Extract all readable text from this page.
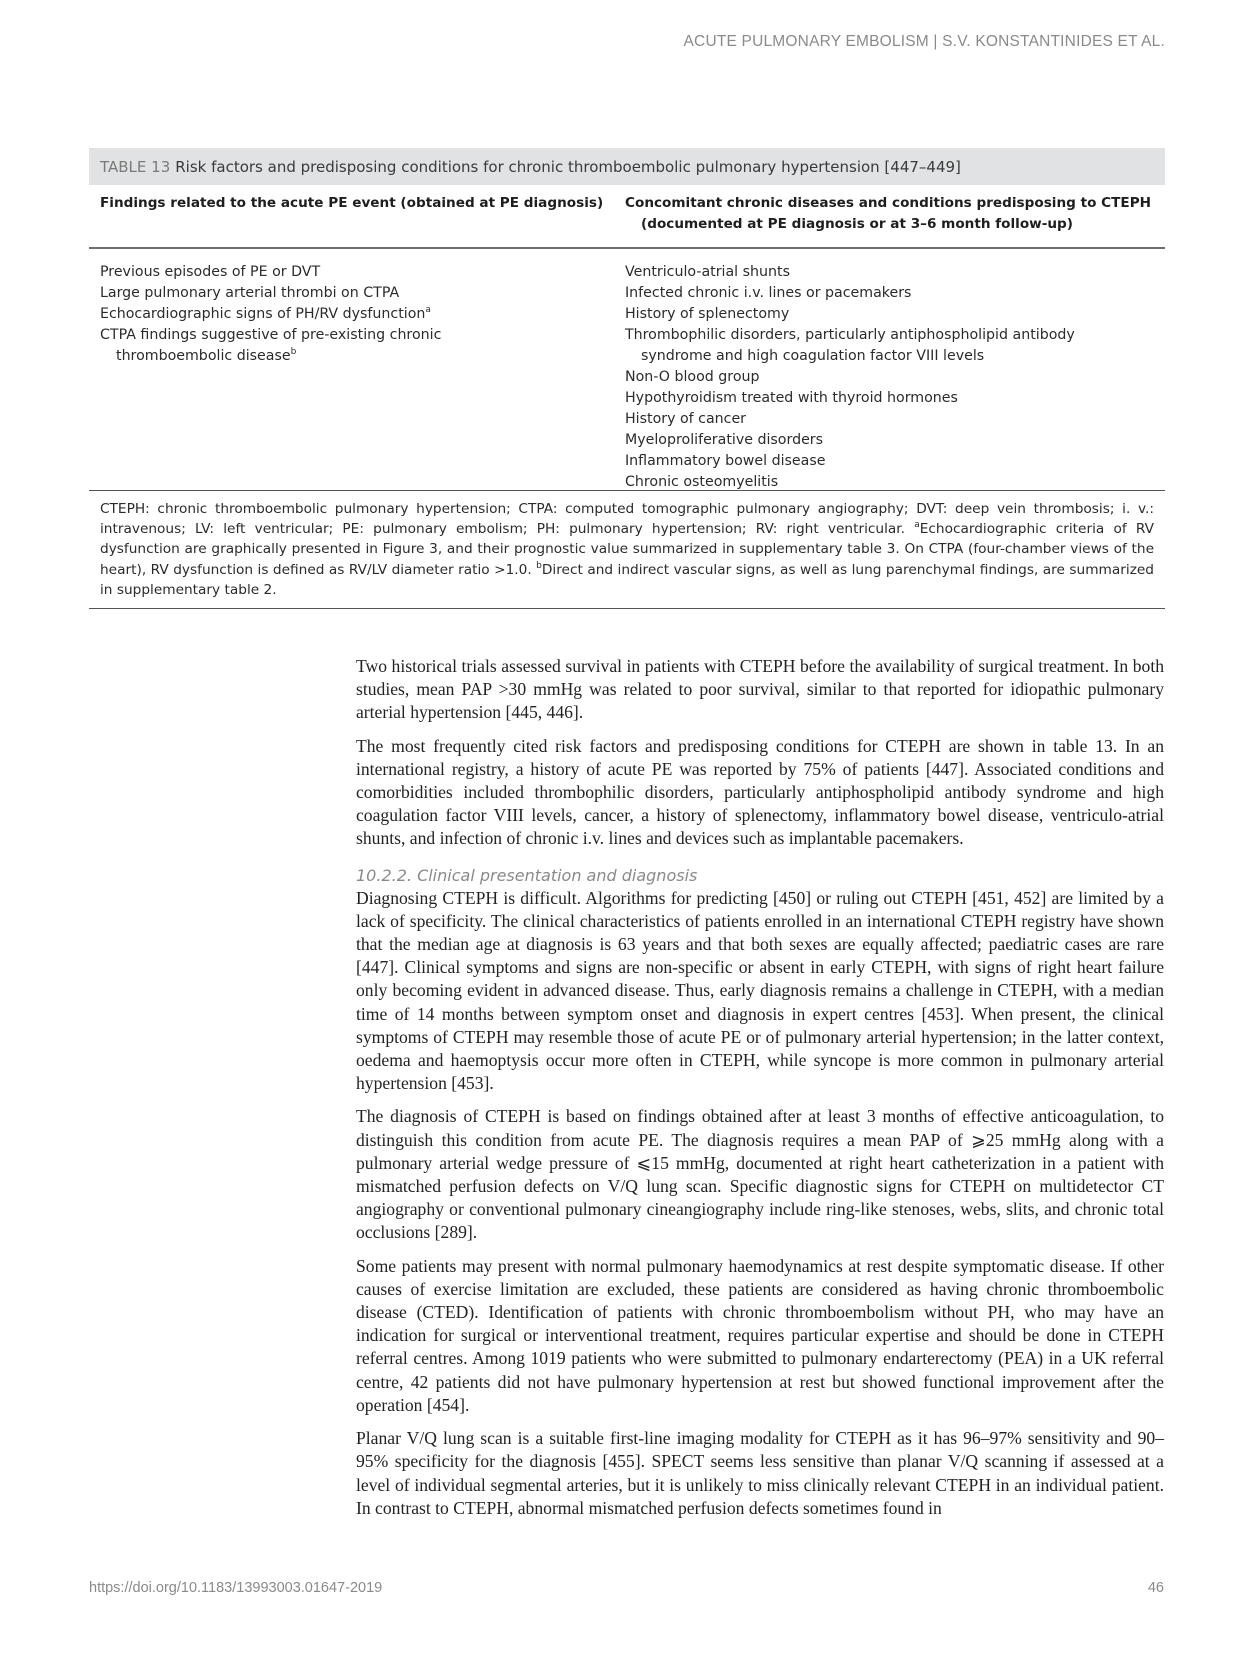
ACUTE PULMONARY EMBOLISM | S.V. KONSTANTINIDES ET AL.
TABLE 13 Risk factors and predisposing conditions for chronic thromboembolic pulmonary hypertension [447–449]
Findings related to the acute PE event (obtained at PE diagnosis)	Concomitant chronic diseases and conditions predisposing to CTEPH (documented at PE diagnosis or at 3–6 month follow-up)
Previous episodes of PE or DVT
Large pulmonary arterial thrombi on CTPA
Echocardiographic signs of PH/RV dysfunction$^a$
CTPA findings suggestive of pre-existing chronic thromboembolic disease$^b$
Ventriculo-atrial shunts
Infected chronic i.v. lines or pacemakers
History of splenectomy
Thrombophilic disorders, particularly antiphospholipid antibody syndrome and high coagulation factor VIII levels
Non-O blood group
Hypothyroidism treated with thyroid hormones
History of cancer
Myeloproliferative disorders
Inflammatory bowel disease
Chronic osteomyelitis
CTEPH: chronic thromboembolic pulmonary hypertension; CTPA: computed tomographic pulmonary angiography; DVT: deep vein thrombosis; i. v.: intravenous; LV: left ventricular; PE: pulmonary embolism; PH: pulmonary hypertension; RV: right ventricular. $^a$Echocardiographic criteria of RV dysfunction are graphically presented in Figure 3, and their prognostic value summarized in supplementary table 3. On CTPA (four-chamber views of the heart), RV dysfunction is defined as RV/LV diameter ratio >1.0. $^b$Direct and indirect vascular signs, as well as lung parenchymal findings, are summarized in supplementary table 2.

Two historical trials assessed survival in patients with CTEPH before the availability of surgical treatment. In both studies, mean PAP >30 mmHg was related to poor survival, similar to that reported for idiopathic pulmonary arterial hypertension [445, 446].

The most frequently cited risk factors and predisposing conditions for CTEPH are shown in table 13. In an international registry, a history of acute PE was reported by 75% of patients [447]. Associated conditions and comorbidities included thrombophilic disorders, particularly antiphospholipid antibody syndrome and high coagulation factor VIII levels, cancer, a history of splenectomy, inflammatory bowel disease, ventriculo-atrial shunts, and infection of chronic i.v. lines and devices such as implantable pacemakers.

10.2.2. Clinical presentation and diagnosis

Diagnosing CTEPH is difficult. Algorithms for predicting [450] or ruling out CTEPH [451, 452] are limited by a lack of specificity. The clinical characteristics of patients enrolled in an international CTEPH registry have shown that the median age at diagnosis is 63 years and that both sexes are equally affected; paediatric cases are rare [447]. Clinical symptoms and signs are non-specific or absent in early CTEPH, with signs of right heart failure only becoming evident in advanced disease. Thus, early diagnosis remains a challenge in CTEPH, with a median time of 14 months between symptom onset and diagnosis in expert centres [453]. When present, the clinical symptoms of CTEPH may resemble those of acute PE or of pulmonary arterial hypertension; in the latter context, oedema and haemoptysis occur more often in CTEPH, while syncope is more common in pulmonary arterial hypertension [453].

The diagnosis of CTEPH is based on findings obtained after at least 3 months of effective anticoagulation, to distinguish this condition from acute PE. The diagnosis requires a mean PAP of ⩾25 mmHg along with a pulmonary arterial wedge pressure of ⩽15 mmHg, documented at right heart catheterization in a patient with mismatched perfusion defects on V/Q lung scan. Specific diagnostic signs for CTEPH on multidetector CT angiography or conventional pulmonary cineangiography include ring-like stenoses, webs, slits, and chronic total occlusions [289].

Some patients may present with normal pulmonary haemodynamics at rest despite symptomatic disease. If other causes of exercise limitation are excluded, these patients are considered as having chronic thromboembolic disease (CTED). Identification of patients with chronic thromboembolism without PH, who may have an indication for surgical or interventional treatment, requires particular expertise and should be done in CTEPH referral centres. Among 1019 patients who were submitted to pulmonary endarterectomy (PEA) in a UK referral centre, 42 patients did not have pulmonary hypertension at rest but showed functional improvement after the operation [454].

Planar V/Q lung scan is a suitable first-line imaging modality for CTEPH as it has 96–97% sensitivity and 90–95% specificity for the diagnosis [455]. SPECT seems less sensitive than planar V/Q scanning if assessed at a level of individual segmental arteries, but it is unlikely to miss clinically relevant CTEPH in an individual patient. In contrast to CTEPH, abnormal mismatched perfusion defects sometimes found in

https://doi.org/10.1183/13993003.01647-2019	46
